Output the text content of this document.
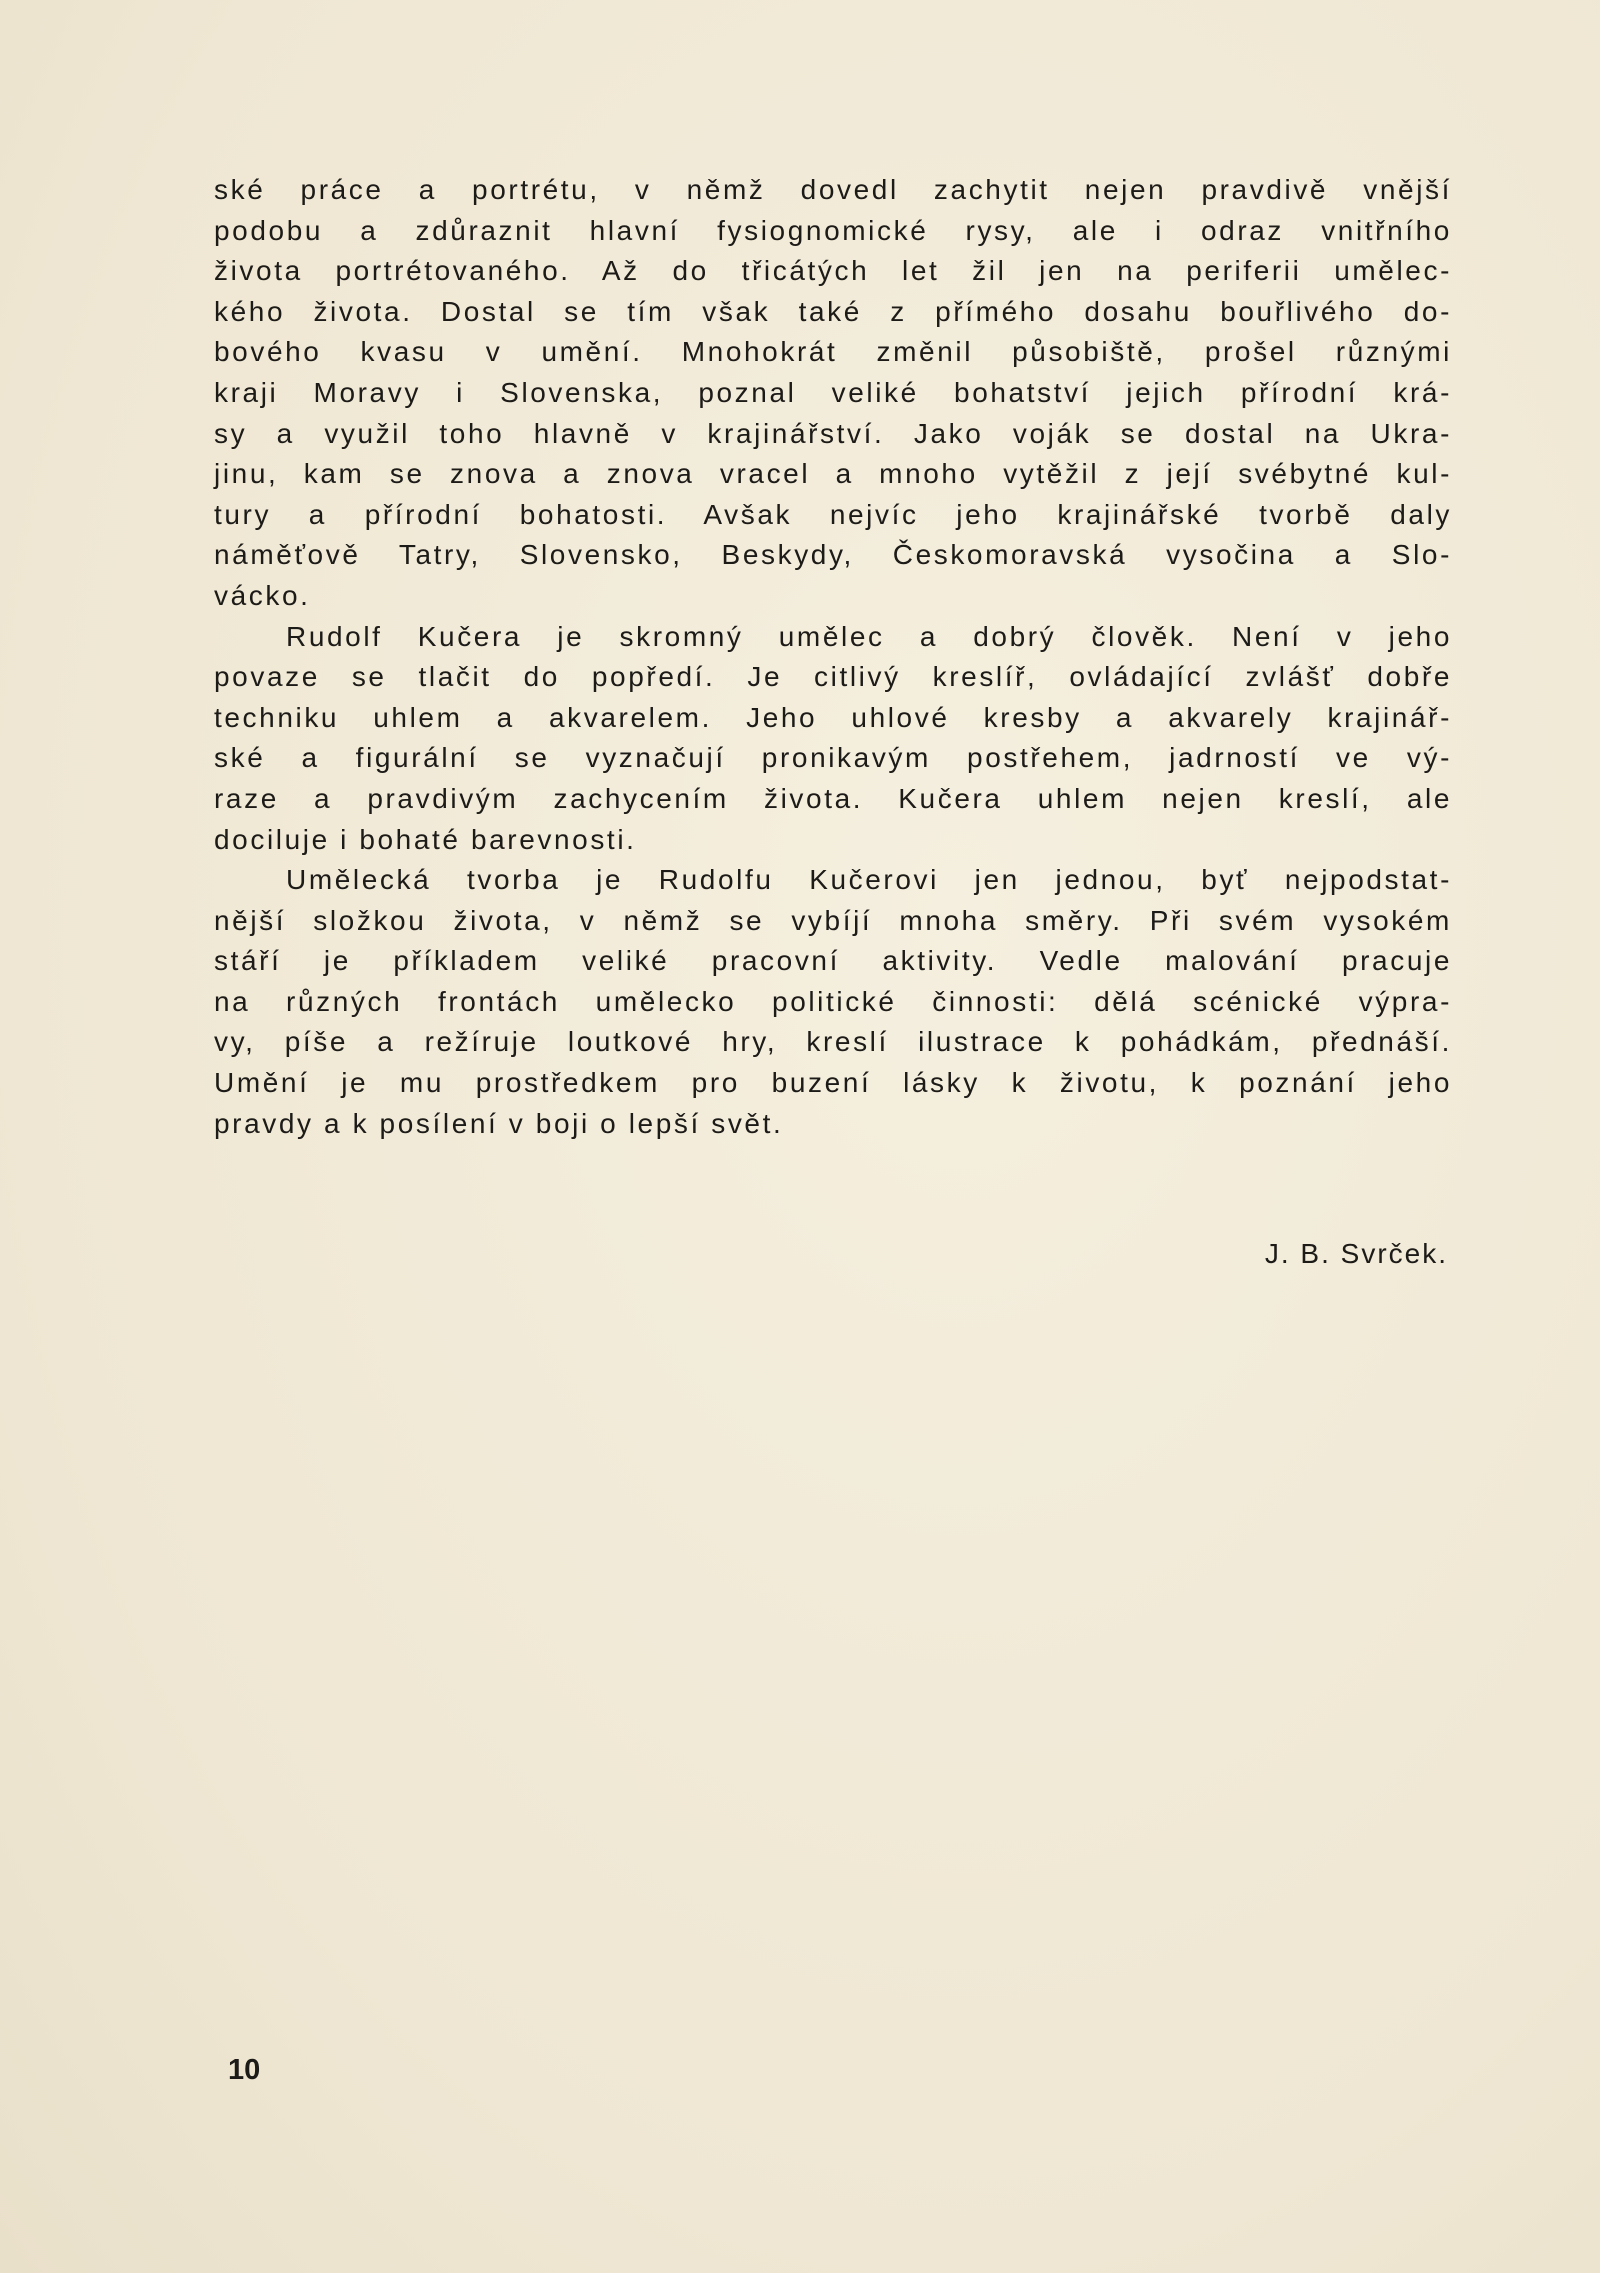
ské práce a portrétu, v němž dovedl zachytit nejen pravdivě vnější
podobu a zdůraznit hlavní fysiognomické rysy, ale i odraz vnitřního
života portrétovaného. Až do třicátých let žil jen na periferii umělec-
kého života. Dostal se tím však také z přímého dosahu bouřlivého do-
bového kvasu v umění. Mnohokrát změnil působiště, prošel různými
kraji Moravy i Slovenska, poznal veliké bohatství jejich přírodní krá-
sy a využil toho hlavně v krajinářství. Jako voják se dostal na Ukra-
jinu, kam se znova a znova vracel a mnoho vytěžil z její svébytné kul-
tury a přírodní bohatosti. Avšak nejvíc jeho krajinářské tvorbě daly
náměťově Tatry, Slovensko, Beskydy, Českomoravská vysočina a Slo-
vácko.
Rudolf Kučera je skromný umělec a dobrý člověk. Není v jeho
povaze se tlačit do popředí. Je citlivý kreslíř, ovládající zvlášť dobře
techniku uhlem a akvarelem. Jeho uhlové kresby a akvarely krajinář-
ské a figurální se vyznačují pronikavým postřehem, jadrností ve vý-
raze a pravdivým zachycením života. Kučera uhlem nejen kreslí, ale
dociluje i bohaté barevnosti.
Umělecká tvorba je Rudolfu Kučerovi jen jednou, byť nejpodstat-
nější složkou života, v němž se vybíjí mnoha směry. Při svém vysokém
stáří je příkladem veliké pracovní aktivity. Vedle malování pracuje
na různých frontách umělecko politické činnosti: dělá scénické výpra-
vy, píše a režíruje loutkové hry, kreslí ilustrace k pohádkám, přednáší.
Umění je mu prostředkem pro buzení lásky k životu, k poznání jeho
pravdy a k posílení v boji o lepší svět.
J. B. Svrček.
10
